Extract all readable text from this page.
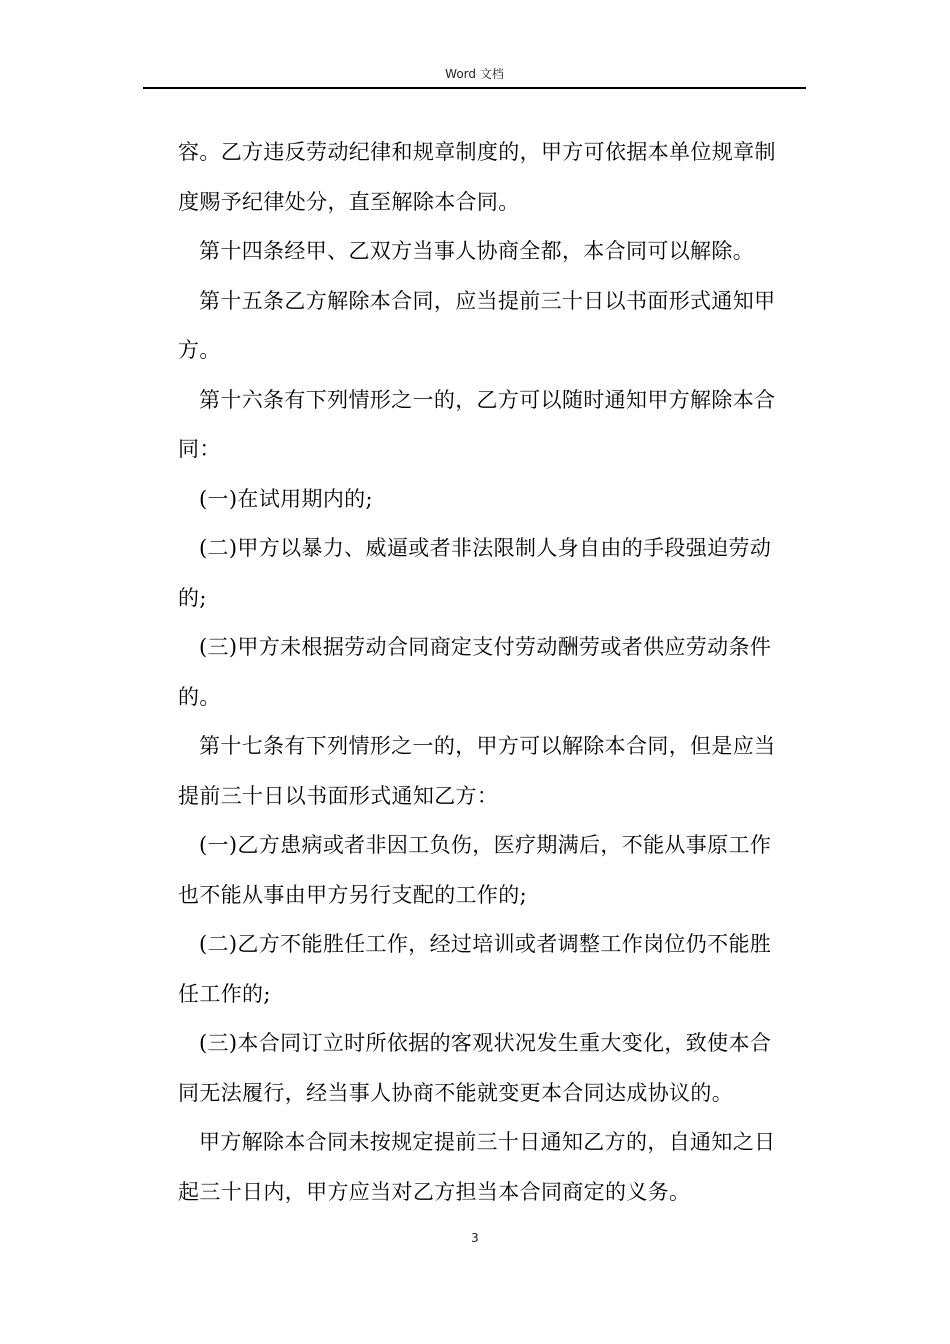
Word 文档

容。乙方违反劳动纪律和规章制度的，甲方可依据本单位规章制

度赐予纪律处分，直至解除本合同。

第十四条经甲、乙双方当事人协商全都，本合同可以解除。

第十五条乙方解除本合同，应当提前三十日以书面形式通知甲

方。

第十六条有下列情形之一的，乙方可以随时通知甲方解除本合

同：

(一)在试用期内的;

(二)甲方以暴力、威逼或者非法限制人身自由的手段强迫劳动

的;

(三)甲方未根据劳动合同商定支付劳动酬劳或者供应劳动条件

的。

第十七条有下列情形之一的，甲方可以解除本合同，但是应当

提前三十日以书面形式通知乙方：

(一)乙方患病或者非因工负伤，医疗期满后，不能从事原工作

也不能从事由甲方另行支配的工作的;

(二)乙方不能胜任工作，经过培训或者调整工作岗位仍不能胜

任工作的;

(三)本合同订立时所依据的客观状况发生重大变化，致使本合

同无法履行，经当事人协商不能就变更本合同达成协议的。

甲方解除本合同未按规定提前三十日通知乙方的，自通知之日

起三十日内，甲方应当对乙方担当本合同商定的义务。

3
